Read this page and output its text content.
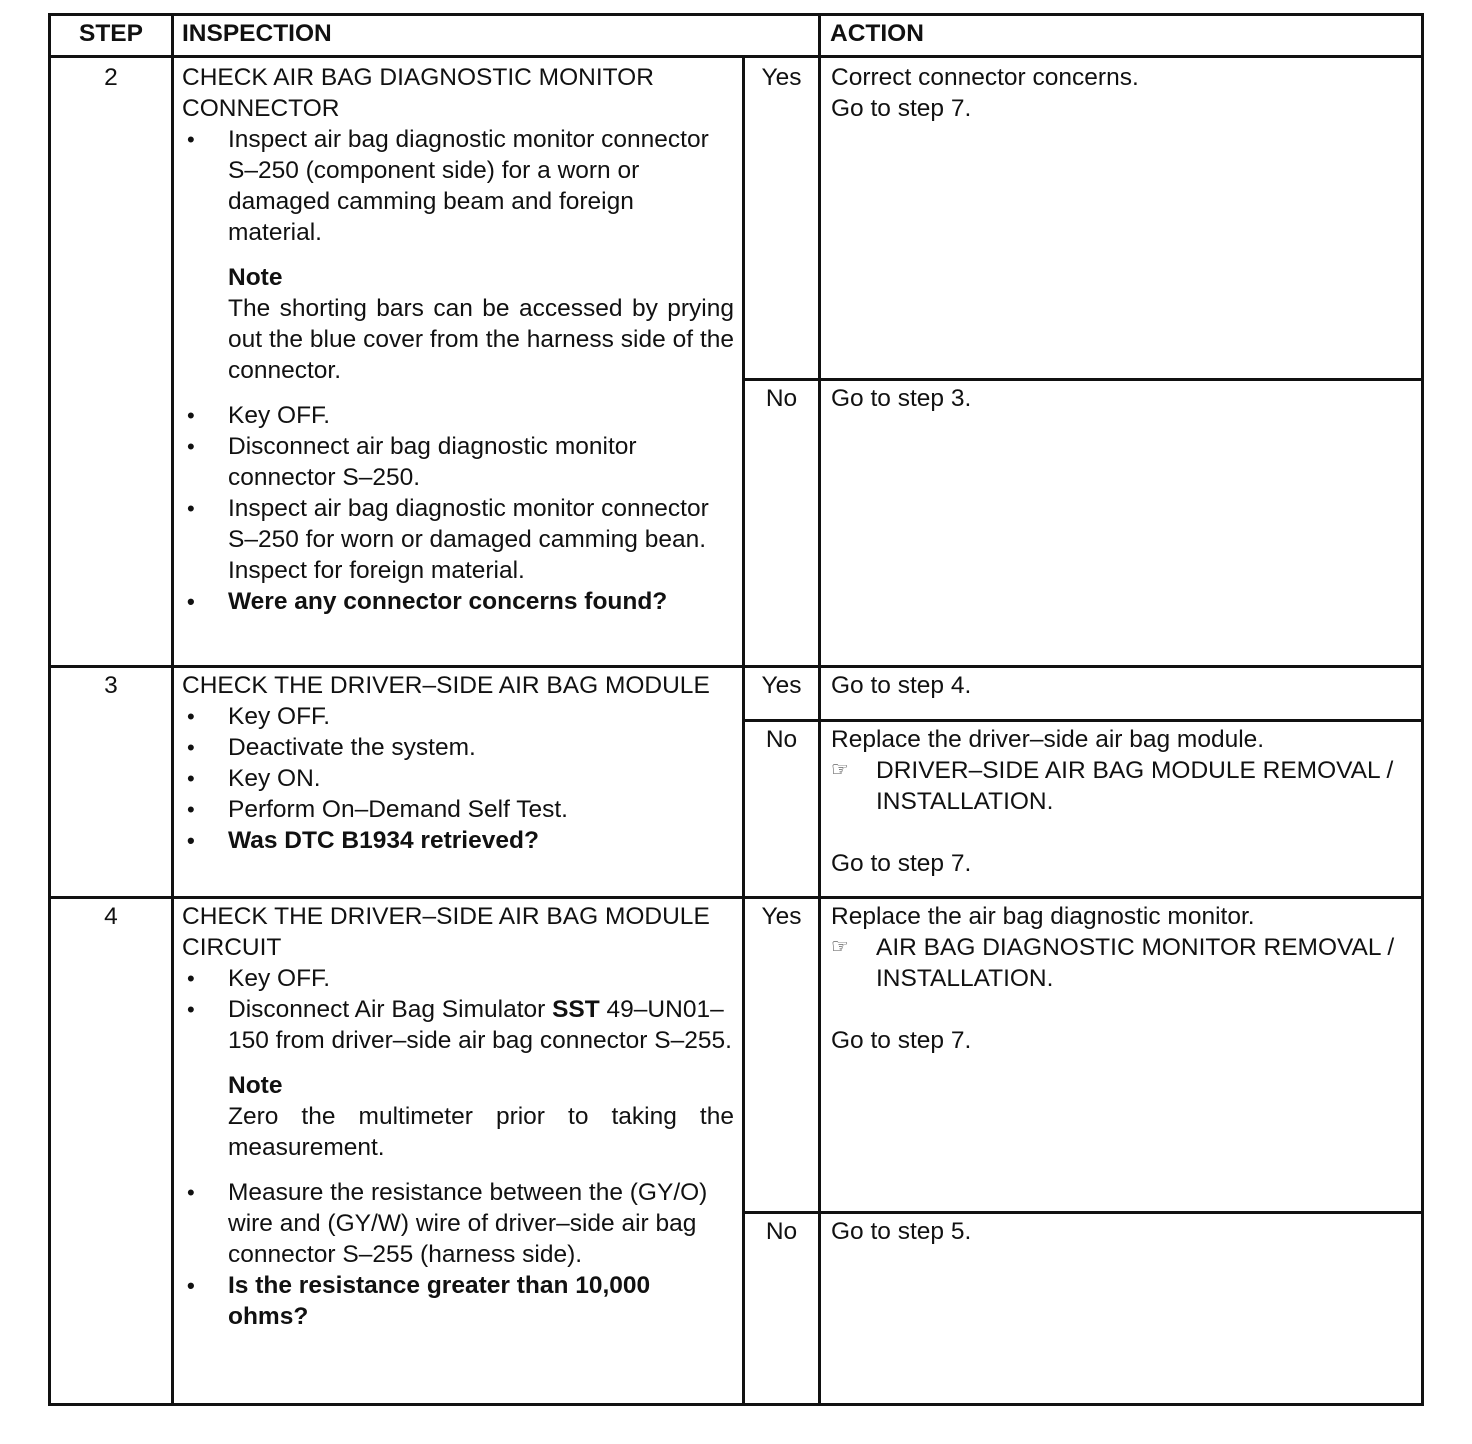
STEP	INSPECTION	ACTION
2	CHECK AIR BAG DIAGNOSTIC MONITOR CONNECTOR
• Inspect air bag diagnostic monitor connector S–250 (component side) for a worn or damaged camming beam and foreign material.
Note
The shorting bars can be accessed by prying out the blue cover from the harness side of the connector.
• Key OFF.
• Disconnect air bag diagnostic monitor connector S–250.
• Inspect air bag diagnostic monitor connector S–250 for worn or damaged camming bean. Inspect for foreign material.
• Were any connector concerns found?
Yes	Correct connector concerns.
Go to step 7.
No	Go to step 3.
3	CHECK THE DRIVER–SIDE AIR BAG MODULE
• Key OFF.
• Deactivate the system.
• Key ON.
• Perform On–Demand Self Test.
• Was DTC B1934 retrieved?
Yes	Go to step 4.
No	Replace the driver–side air bag module.
☞ DRIVER–SIDE AIR BAG MODULE REMOVAL / INSTALLATION.
Go to step 7.
4	CHECK THE DRIVER–SIDE AIR BAG MODULE CIRCUIT
• Key OFF.
• Disconnect Air Bag Simulator SST 49–UN01–150 from driver–side air bag connector S–255.
Note
Zero the multimeter prior to taking the measurement.
• Measure the resistance between the (GY/O) wire and (GY/W) wire of driver–side air bag connector S–255 (harness side).
• Is the resistance greater than 10,000 ohms?
Yes	Replace the air bag diagnostic monitor.
☞ AIR BAG DIAGNOSTIC MONITOR REMOVAL / INSTALLATION.
Go to step 7.
No	Go to step 5.
